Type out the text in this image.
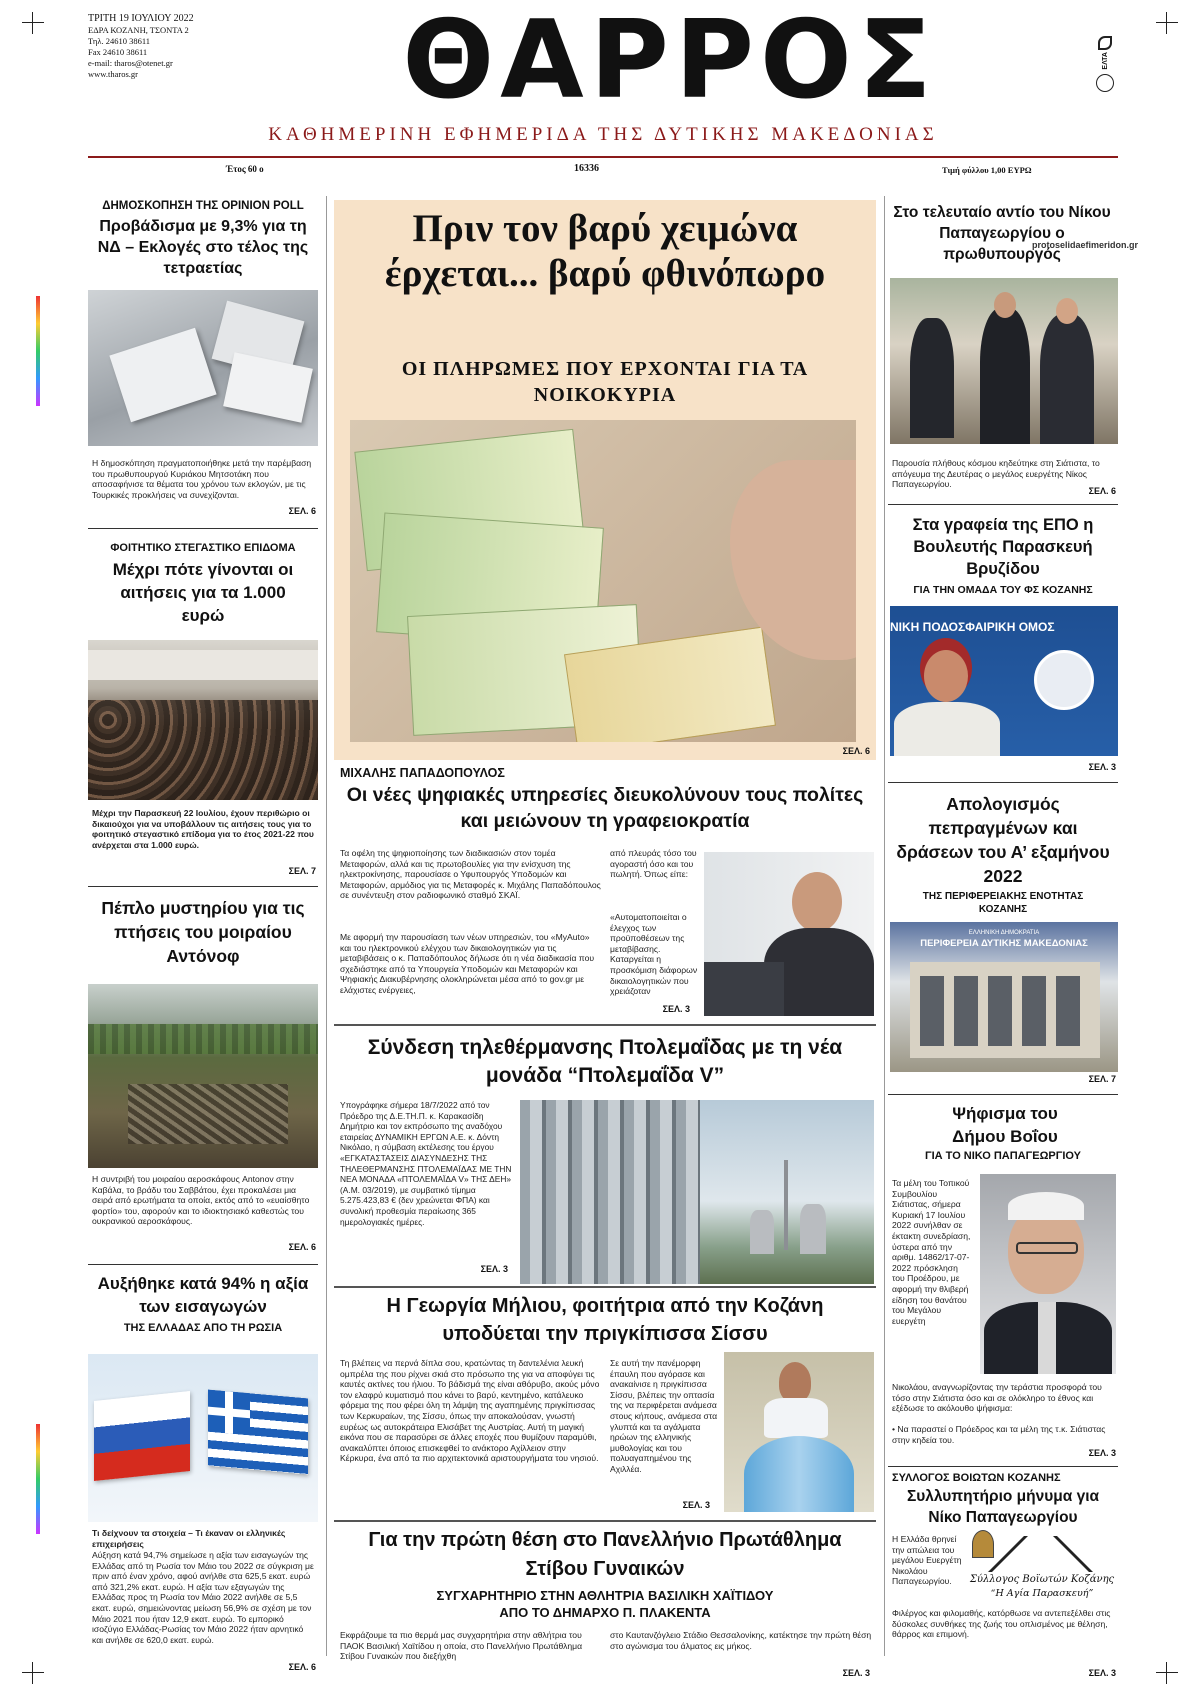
ΤΡΙΤΗ 19 ΙΟΥΛΙΟΥ 2022
ΕΔΡΑ ΚΟΖΑΝΗ, ΤΣΟΝΤΑ 2
Τηλ. 24610 38611
Fax 24610 38611
e-mail: tharos@otenet.gr
www.tharos.gr	ΘΑΡΡΟΣ	ΕΛΤΑ
ΚΑΘΗΜΕΡΙΝΗ ΕΦΗΜΕΡΙΔΑ ΤΗΣ ΔΥΤΙΚΗΣ ΜΑΚΕΔΟΝΙΑΣ
Έτος 60 ο	16336	Τιμή φύλλου 1,00 ΕΥΡΩ
protoselidaefimeridon.gr
ΔΗΜΟΣΚΟΠΗΣΗ ΤΗΣ OPINION POLL
Προβάδισμα με 9,3% για τη ΝΔ – Εκλογές στο τέλος της τετραετίας
Η δημοσκόπηση πραγματοποιήθηκε μετά την παρέμβαση του πρωθυπουργού Κυριάκου Μητσοτάκη που αποσαφήνισε τα θέματα του χρόνου των εκλογών, με τις Τουρκικές προκλήσεις να συνεχίζονται.
ΣΕΛ. 6
ΦΟΙΤΗΤΙΚΟ ΣΤΕΓΑΣΤΙΚΟ ΕΠΙΔΟΜΑ
Μέχρι πότε γίνονται οι αιτήσεις για τα 1.000 ευρώ
Μέχρι την Παρασκευή 22 Ιουλίου, έχουν περιθώριο οι δικαιούχοι για να υποβάλλουν τις αιτήσεις τους για το φοιτητικό στεγαστικό επίδομα για το έτος 2021-22 που ανέρχεται στα 1.000 ευρώ.
ΣΕΛ. 7
Πέπλο μυστηρίου για τις πτήσεις του μοιραίου Αντόνοφ
Η συντριβή του μοιραίου αεροσκάφους Antonov στην Καβάλα, το βράδυ του Σαββάτου, έχει προκαλέσει μια σειρά από ερωτήματα τα οποία, εκτός από το «ευαίσθητο φορτίο» του, αφορούν και το ιδιοκτησιακό καθεστώς του ουκρανικού αεροσκάφους.
ΣΕΛ. 6
Αυξήθηκε κατά 94% η αξία των εισαγωγών
ΤΗΣ ΕΛΛΑΔΑΣ ΑΠΟ ΤΗ ΡΩΣΙΑ
Τι δείχνουν τα στοιχεία – Τι έκαναν οι ελληνικές επιχειρήσεις
Αύξηση κατά 94,7% σημείωσε η αξία των εισαγωγών της Ελλάδας από τη Ρωσία τον Μάιο του 2022 σε σύγκριση με πριν από έναν χρόνο, αφού ανήλθε στα 625,5 εκατ. ευρώ από 321,2% εκατ. ευρώ. Η αξία των εξαγωγών της Ελλάδας προς τη Ρωσία τον Μάιο 2022 ανήλθε σε 5,5 εκατ. ευρώ, σημειώνοντας μείωση 56,9% σε σχέση με τον Μάιο 2021 που ήταν 12,9 εκατ. ευρώ. Το εμπορικό ισοζύγιο Ελλάδας-Ρωσίας τον Μάιο 2022 ήταν αρνητικό και ανήλθε σε 620,0 εκατ. ευρώ.
ΣΕΛ. 6
Πριν τον βαρύ χειμώνα έρχεται... βαρύ φθινόπωρο
ΟΙ ΠΛΗΡΩΜΕΣ ΠΟΥ ΕΡΧΟΝΤΑΙ ΓΙΑ ΤΑ ΝΟΙΚΟΚΥΡΙΑ
ΣΕΛ. 6
ΜΙΧΑΛΗΣ ΠΑΠΑΔΟΠΟΥΛΟΣ
Οι νέες ψηφιακές υπηρεσίες διευκολύνουν τους πολίτες και μειώνουν τη γραφειοκρατία
Τα οφέλη της ψηφιοποίησης των διαδικασιών στον τομέα Μεταφορών, αλλά και τις πρωτοβουλίες για την ενίσχυση της ηλεκτροκίνησης, παρουσίασε ο Υφυπουργός Υποδομών και Μεταφορών, αρμόδιος για τις Μεταφορές κ. Μιχάλης Παπαδόπουλος σε συνέντευξη στον ραδιοφωνικό σταθμό ΣΚΑΪ.
Με αφορμή την παρουσίαση των νέων υπηρεσιών, του «MyAuto» και του ηλεκτρονικού ελέγχου των δικαιολογητικών για τις μεταβιβάσεις ο κ. Παπαδόπουλος δήλωσε ότι η νέα διαδικασία που σχεδιάστηκε από τα Υπουργεία Υποδομών και Μεταφορών και Ψηφιακής Διακυβέρνησης ολοκληρώνεται μέσα από το gov.gr με ελάχιστες ενέργειες,
από πλευράς τόσο του αγοραστή όσο και του πωλητή. Όπως είπε:
«Αυτοματοποιείται ο έλεγχος των προϋποθέσεων της μεταβίβασης. Καταργείται η προσκόμιση διάφορων δικαιολογητικών που χρειάζοταν
ΣΕΛ. 3
Σύνδεση τηλεθέρμανσης Πτολεμαΐδας με τη νέα μονάδα “Πτολεμαΐδα V”
Υπογράφηκε σήμερα 18/7/2022 από τον Πρόεδρο της Δ.Ε.ΤΗ.Π. κ. Καρακασίδη Δημήτριο και τον εκπρόσωπο της αναδόχου εταιρείας ΔΥΝΑΜΙΚΗ ΕΡΓΩΝ Α.Ε. κ. Δόντη Νικόλαο, η σύμβαση εκτέλεσης του έργου «ΕΓΚΑΤΑΣΤΑΣΕΙΣ ΔΙΑΣΥΝΔΕΣΗΣ ΤΗΣ ΤΗΛΕΘΕΡΜΑΝΣΗΣ ΠΤΟΛΕΜΑΪΔΑΣ ΜΕ ΤΗΝ ΝΕΑ ΜΟΝΑΔΑ «ΠΤΟΛΕΜΑΪΔΑ V» ΤΗΣ ΔΕΗ» (Α.Μ. 03/2019), με συμβατικό τίμημα 5.275.423,83 € (δεν χρεώνεται ΦΠΑ) και συνολική προθεσμία περαίωσης 365 ημερολογιακές ημέρες.
ΣΕΛ. 3
Η Γεωργία Μήλιου, φοιτήτρια από την Κοζάνη υποδύεται την πριγκίπισσα Σίσσυ
Τη βλέπεις να περνά δίπλα σου, κρατώντας τη δαντελένια λευκή ομπρέλα της που ρίχνει σκιά στο πρόσωπο της για να αποφύγει τις καυτές ακτίνες του ήλιου. Το βάδισμά της είναι αθόρυβο, ακούς μόνο τον ελαφρύ κυματισμό που κάνει το βαρύ, κεντημένο, κατάλευκο φόρεμα της που φέρει όλη τη λάμψη της αγαπημένης πριγκίπισσας των Κερκυραίων, της Σίσσυ, όπως την αποκαλούσαν, γνωστή ευρέως ως αυτοκράτειρα Ελισάβετ της Αυστρίας. Αυτή τη μαγική εικόνα που σε παρασύρει σε άλλες εποχές που θυμίζουν παραμύθι, ανακαλύπτει όποιος επισκεφθεί το ανάκτορο Αχίλλειον στην Κέρκυρα, ένα από τα πιο αρχιτεκτονικά αριστουργήματα του νησιού.
Σε αυτή την πανέμορφη έπαυλη που αγόρασε και ανακαίνισε η πριγκίπισσα Σίσσυ, βλέπεις την οπτασία της να περιφέρεται ανάμεσα στους κήπους, ανάμεσα στα γλυπτά και τα αγάλματα ηρώων της ελληνικής μυθολογίας και του πολυαγαπημένου της Αχιλλέα.
ΣΕΛ. 3
Για την πρώτη θέση στο Πανελλήνιο Πρωτάθλημα Στίβου Γυναικών
ΣΥΓΧΑΡΗΤΗΡΙΟ ΣΤΗΝ ΑΘΛΗΤΡΙΑ ΒΑΣΙΛΙΚΗ ΧΑΪΤΙΔΟΥ
ΑΠΟ ΤΟ ΔΗΜΑΡΧΟ Π. ΠΛΑΚΕΝΤΑ
Εκφράζουμε τα πιο θερμά μας συγχαρητήρια στην αθλήτρια του ΠΑΟΚ Βασιλική Χαϊτίδου η οποία, στο Πανελλήνιο Πρωτάθλημα Στίβου Γυναικών που διεξήχθη
στο Καυτανζόγλειο Στάδιο Θεσσαλονίκης, κατέκτησε την πρώτη θέση στο αγώνισμα του άλματος εις μήκος.
ΣΕΛ. 3
Στο τελευταίο αντίο του Νίκου Παπαγεωργίου ο πρωθυπουργός
Παρουσία πλήθους κόσμου κηδεύτηκε στη Σιάτιστα, το απόγευμα της Δευτέρας ο μεγάλος ευεργέτης Νίκος Παπαγεωργίου.
ΣΕΛ. 6
Στα γραφεία της ΕΠΟ η Βουλευτής Παρασκευή Βρυζίδου
ΓΙΑ ΤΗΝ ΟΜΑΔΑ ΤΟΥ ΦΣ ΚΟΖΑΝΗΣ
ΝΙΚΗ ΠΟΔΟΣΦΑΙΡΙΚΗ ΟΜΟΣ
ΣΕΛ. 3
Απολογισμός πεπραγμένων και δράσεων του Α’ εξαμήνου 2022
ΤΗΣ ΠΕΡΙΦΕΡΕΙΑΚΗΣ ΕΝΟΤΗΤΑΣ ΚΟΖΑΝΗΣ
ΕΛΛΗΝΙΚΗ ΔΗΜΟΚΡΑΤΙΑ
ΠΕΡΙΦΕΡΕΙΑ ΔΥΤΙΚΗΣ ΜΑΚΕΔΟΝΙΑΣ
ΣΕΛ. 7
Ψήφισμα του Δήμου Βοΐου
ΓΙΑ ΤΟ ΝΙΚΟ ΠΑΠΑΓΕΩΡΓΙΟΥ
Τα μέλη του Τοπικού Συμβουλίου Σιάτιστας, σήμερα Κυριακή 17 Ιουλίου 2022 συνήλθαν σε έκτακτη συνεδρίαση, ύστερα από την αριθμ. 14862/17-07-2022 πρόσκληση του Προέδρου, με αφορμή την θλιβερή είδηση του θανάτου του Μεγάλου ευεργέτη
Νικολάου, αναγνωρίζοντας την τεράστια προσφορά του τόσο στην Σιάτιστα όσο και σε ολόκληρο το έθνος και εξέδωσε το ακόλουθο ψήφισμα:
• Να παραστεί ο Πρόεδρος και τα μέλη της τ.κ. Σιάτιστας στην κηδεία του.
ΣΕΛ. 3
ΣΥΛΛΟΓΟΣ ΒΟΙΩΤΩΝ ΚΟΖΑΝΗΣ
Συλλυπητήριο μήνυμα για Νίκο Παπαγεωργίου
Η Ελλάδα θρηνεί την απώλεια του μεγάλου Ευεργέτη Νικολάου Παπαγεωργίου.	Σύλλογος Βοϊωτών Κοζάνης
“Η Αγία Παρασκευή”
Φιλέργος και φιλομαθής, κατόρθωσε να αντεπεξέλθει στις δύσκολες συνθήκες της ζωής του οπλισμένος με θέληση, θάρρος και επιμονή.
ΣΕΛ. 3
